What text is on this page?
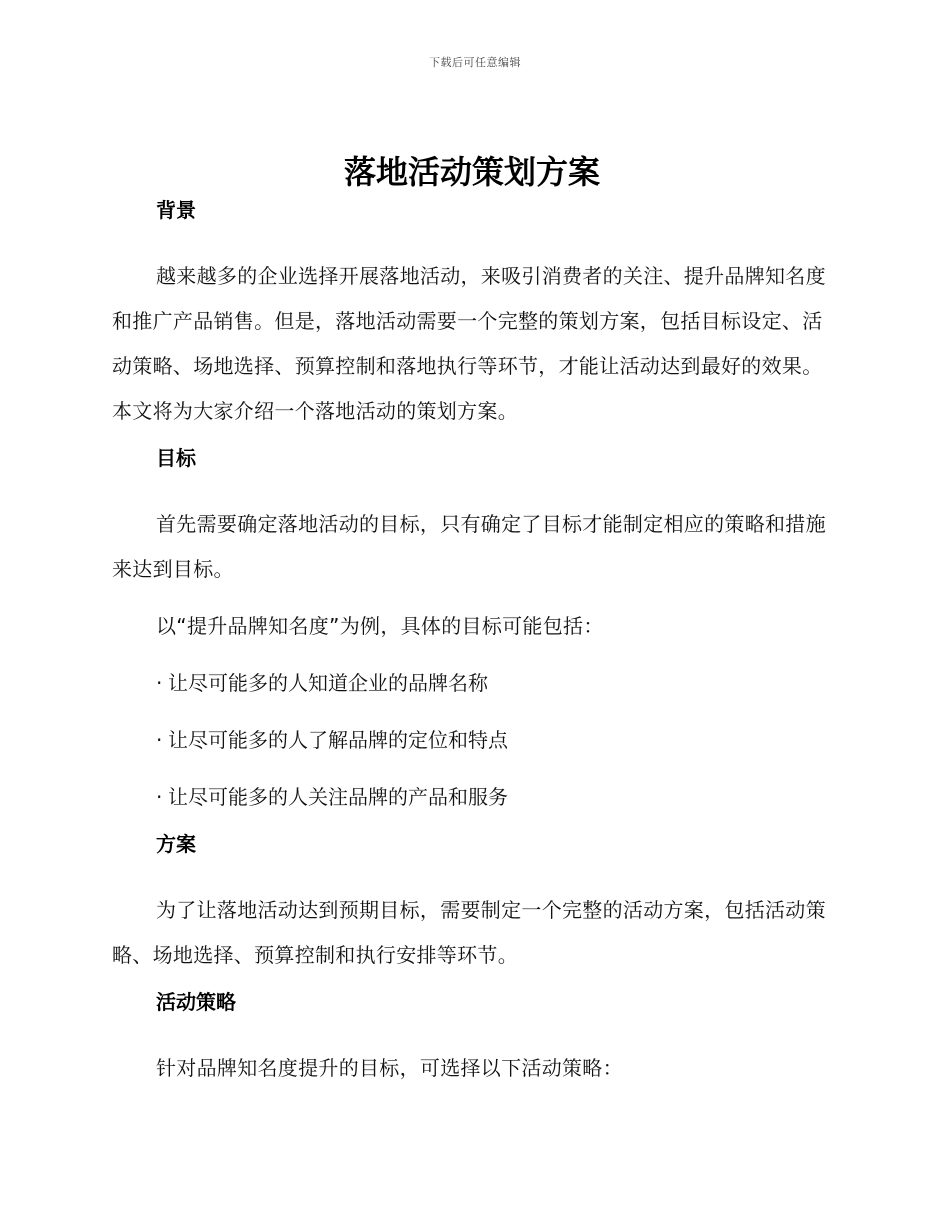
下载后可任意编辑
落地活动策划方案
背景

越来越多的企业选择开展落地活动，来吸引消费者的关注、提升品牌知名度和推广产品销售。但是，落地活动需要一个完整的策划方案，包括目标设定、活动策略、场地选择、预算控制和落地执行等环节，才能让活动达到最好的效果。本文将为大家介绍一个落地活动的策划方案。

目标

首先需要确定落地活动的目标，只有确定了目标才能制定相应的策略和措施来达到目标。

以“提升品牌知名度”为例，具体的目标可能包括：

· 让尽可能多的人知道企业的品牌名称
· 让尽可能多的人了解品牌的定位和特点
· 让尽可能多的人关注品牌的产品和服务
方案

为了让落地活动达到预期目标，需要制定一个完整的活动方案，包括活动策略、场地选择、预算控制和执行安排等环节。

活动策略

针对品牌知名度提升的目标，可选择以下活动策略：
